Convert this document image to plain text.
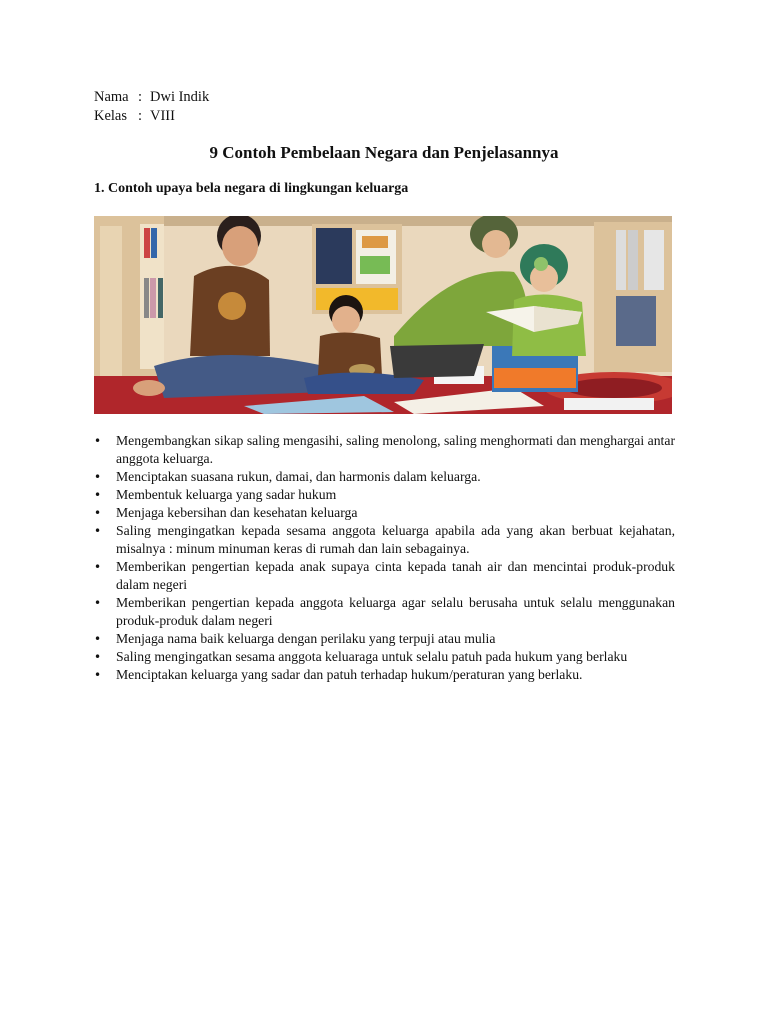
Nama : Dwi Indik
Kelas : VIII
9 Contoh Pembelaan Negara dan Penjelasannya
1. Contoh upaya bela negara di lingkungan keluarga
• Mengembangkan sikap saling mengasihi, saling menolong, saling menghormati dan menghargai antar anggota keluarga.
• Menciptakan suasana rukun, damai, dan harmonis dalam keluarga.
• Membentuk keluarga yang sadar hukum
• Menjaga kebersihan dan kesehatan keluarga
• Saling mengingatkan kepada sesama anggota keluarga apabila ada yang akan berbuat kejahatan, misalnya : minum minuman keras di rumah dan lain sebagainya.
• Memberikan pengertian kepada anak supaya cinta kepada tanah air dan mencintai produk-produk dalam negeri
• Memberikan pengertian kepada anggota keluarga agar selalu berusaha untuk selalu menggunakan produk-produk dalam negeri
• Menjaga nama baik keluarga dengan perilaku yang terpuji atau mulia
• Saling mengingatkan sesama anggota keluaraga untuk selalu patuh pada hukum yang berlaku
• Menciptakan keluarga yang sadar dan patuh terhadap hukum/peraturan yang berlaku.
